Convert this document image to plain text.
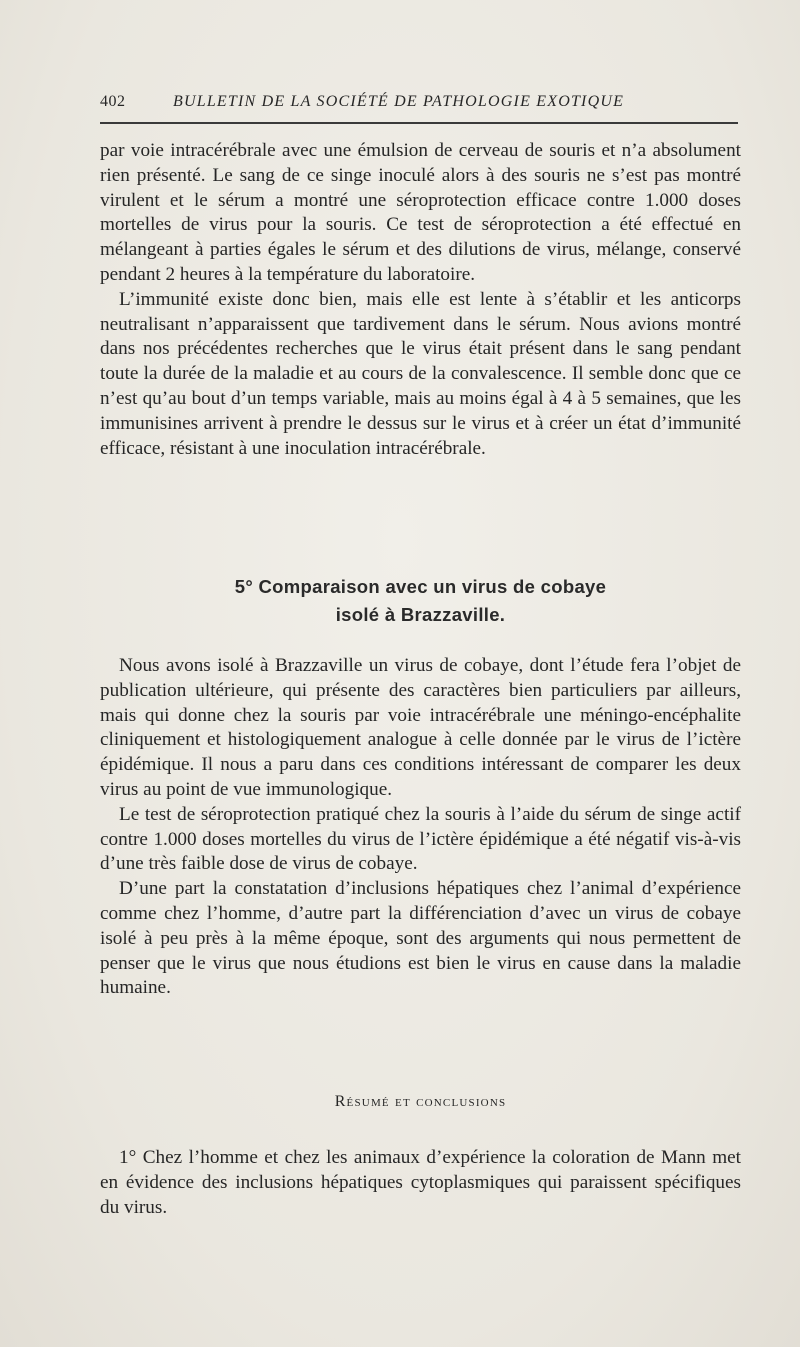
402	BULLETIN DE LA SOCIÉTÉ DE PATHOLOGIE EXOTIQUE

par voie intracérébrale avec une émulsion de cerveau de souris et n’a absolument rien présenté. Le sang de ce singe inoculé alors à des souris ne s’est pas montré virulent et le sérum a montré une séroprotection efficace contre 1.000 doses mortelles de virus pour la souris. Ce test de séroprotection a été effectué en mélangeant à parties égales le sérum et des dilutions de virus, mélange, conservé pendant 2 heures à la température du laboratoire.

L’immunité existe donc bien, mais elle est lente à s’établir et les anticorps neutralisant n’apparaissent que tardivement dans le sérum. Nous avions montré dans nos précédentes recherches que le virus était présent dans le sang pendant toute la durée de la maladie et au cours de la convalescence. Il semble donc que ce n’est qu’au bout d’un temps variable, mais au moins égal à 4 à 5 semaines, que les immunisines arrivent à prendre le dessus sur le virus et à créer un état d’immunité efficace, résistant à une inoculation intracérébrale.

5° Comparaison avec un virus de cobaye
isolé à Brazzaville.

Nous avons isolé à Brazzaville un virus de cobaye, dont l’étude fera l’objet de publication ultérieure, qui présente des caractères bien particuliers par ailleurs, mais qui donne chez la souris par voie intracérébrale une méningo-encéphalite cliniquement et histologiquement analogue à celle donnée par le virus de l’ictère épidémique. Il nous a paru dans ces conditions intéressant de comparer les deux virus au point de vue immunologique.

Le test de séroprotection pratiqué chez la souris à l’aide du sérum de singe actif contre 1.000 doses mortelles du virus de l’ictère épidémique a été négatif vis-à-vis d’une très faible dose de virus de cobaye.

D’une part la constatation d’inclusions hépatiques chez l’animal d’expérience comme chez l’homme, d’autre part la différenciation d’avec un virus de cobaye isolé à peu près à la même époque, sont des arguments qui nous permettent de penser que le virus que nous étudions est bien le virus en cause dans la maladie humaine.

Résumé et conclusions

1° Chez l’homme et chez les animaux d’expérience la coloration de Mann met en évidence des inclusions hépatiques cytoplasmiques qui paraissent spécifiques du virus.
